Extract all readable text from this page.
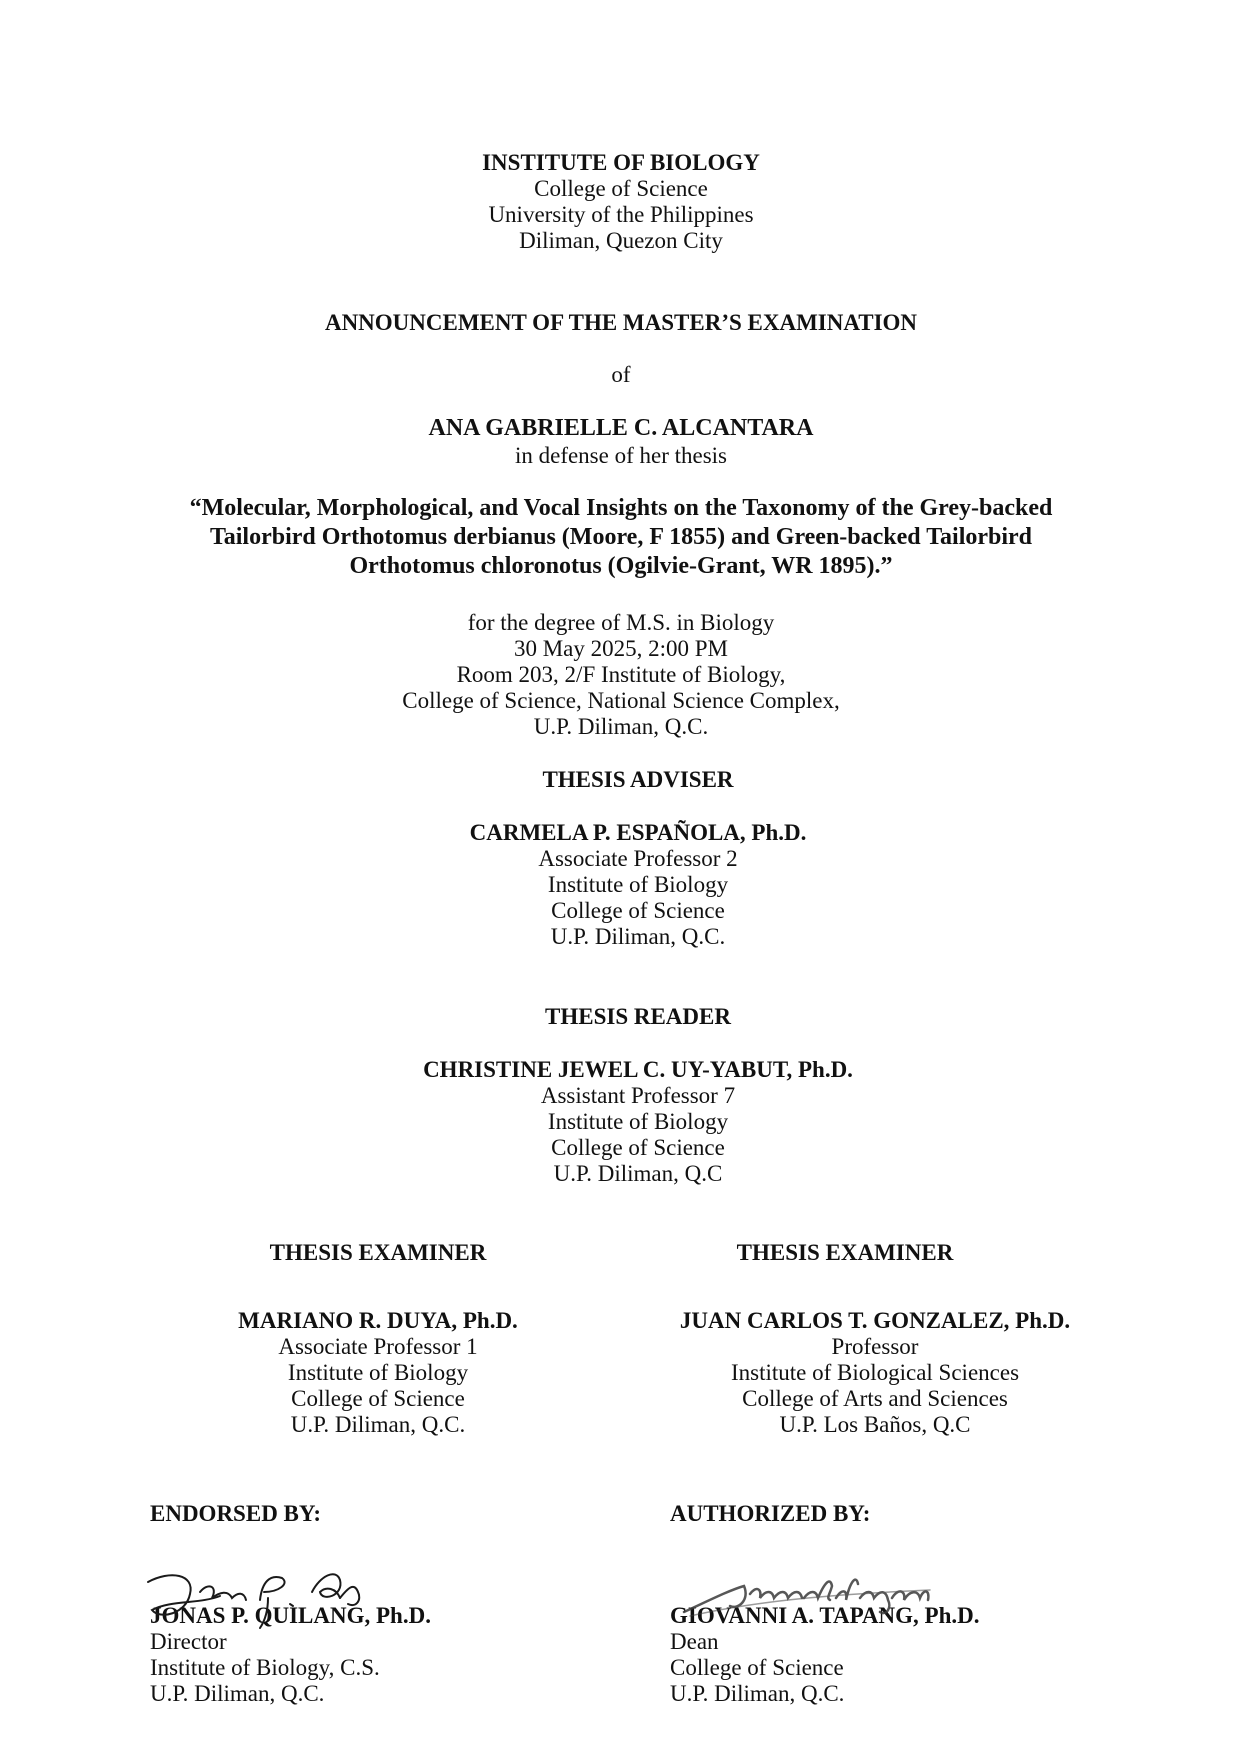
INSTITUTE OF BIOLOGY
College of Science
University of the Philippines
Diliman, Quezon City
ANNOUNCEMENT OF THE MASTER’S EXAMINATION
of
ANA GABRIELLE C. ALCANTARA
in defense of her thesis
“Molecular, Morphological, and Vocal Insights on the Taxonomy of the Grey-backed
Tailorbird Orthotomus derbianus (Moore, F 1855) and Green-backed Tailorbird
Orthotomus chloronotus (Ogilvie-Grant, WR 1895).”
for the degree of M.S. in Biology
30 May 2025, 2:00 PM
Room 203, 2/F Institute of Biology,
College of Science, National Science Complex,
U.P. Diliman, Q.C.
THESIS ADVISER
CARMELA P. ESPAÑOLA, Ph.D.
Associate Professor 2
Institute of Biology
College of Science
U.P. Diliman, Q.C.
THESIS READER
CHRISTINE JEWEL C. UY-YABUT, Ph.D.
Assistant Professor 7
Institute of Biology
College of Science
U.P. Diliman, Q.C
THESIS EXAMINER
MARIANO R. DUYA, Ph.D.
Associate Professor 1
Institute of Biology
College of Science
U.P. Diliman, Q.C.
THESIS EXAMINER
JUAN CARLOS T. GONZALEZ, Ph.D.
Professor
Institute of Biological Sciences
College of Arts and Sciences
U.P. Los Baños, Q.C
ENDORSED BY:
JONAS P. QUILANG, Ph.D.
Director
Institute of Biology, C.S.
U.P. Diliman, Q.C.
AUTHORIZED BY:
GIOVANNI A. TAPANG, Ph.D.
Dean
College of Science
U.P. Diliman, Q.C.
